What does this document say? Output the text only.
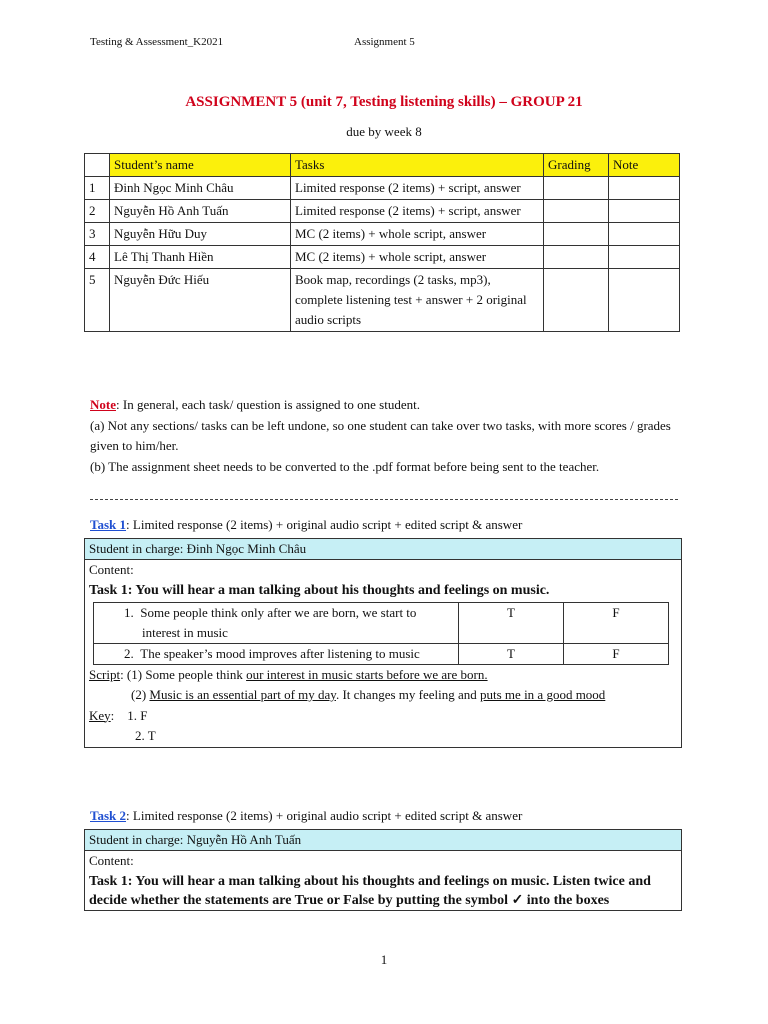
Testing & Assessment_K2021	Assignment 5
ASSIGNMENT 5 (unit 7, Testing listening skills) – GROUP 21
due by week 8
	Student’s name	Tasks	Grading	Note
1	Đinh Ngọc Minh Châu	Limited response (2 items) + script, answer		
2	Nguyễn Hồ Anh Tuấn	Limited response (2 items) + script, answer		
3	Nguyễn Hữu Duy	MC (2 items) + whole script, answer		
4	Lê Thị Thanh Hiền	MC (2 items) + whole script, answer		
5	Nguyễn Đức Hiếu	Book map, recordings (2 tasks, mp3), complete listening test + answer + 2 original audio scripts		
Note: In general, each task/ question is assigned to one student.
(a) Not any sections/ tasks can be left undone, so one student can take over two tasks, with more scores / grades given to him/her.
(b) The assignment sheet needs to be converted to the .pdf format before being sent to the teacher.
Task 1: Limited response (2 items) + original audio script + edited script & answer
Student in charge: Đinh Ngọc Minh Châu
Content:
Task 1: You will hear a man talking about his thoughts and feelings on music.
1.  Some people think only after we are born, we start to interest in music	T	F

2.  The speaker’s mood improves after listening to music	T	F
Script: (1) Some people think our interest in music starts before we are born.
(2) Music is an essential part of my day. It changes my feeling and puts me in a good mood
Key:    1. F
2. T
Task 2: Limited response (2 items) + original audio script + edited script & answer
Student in charge: Nguyễn Hồ Anh Tuấn
Content:
Task 1: You will hear a man talking about his thoughts and feelings on music. Listen twice and decide whether the statements are True or False by putting the symbol ✓ into the boxes
1
